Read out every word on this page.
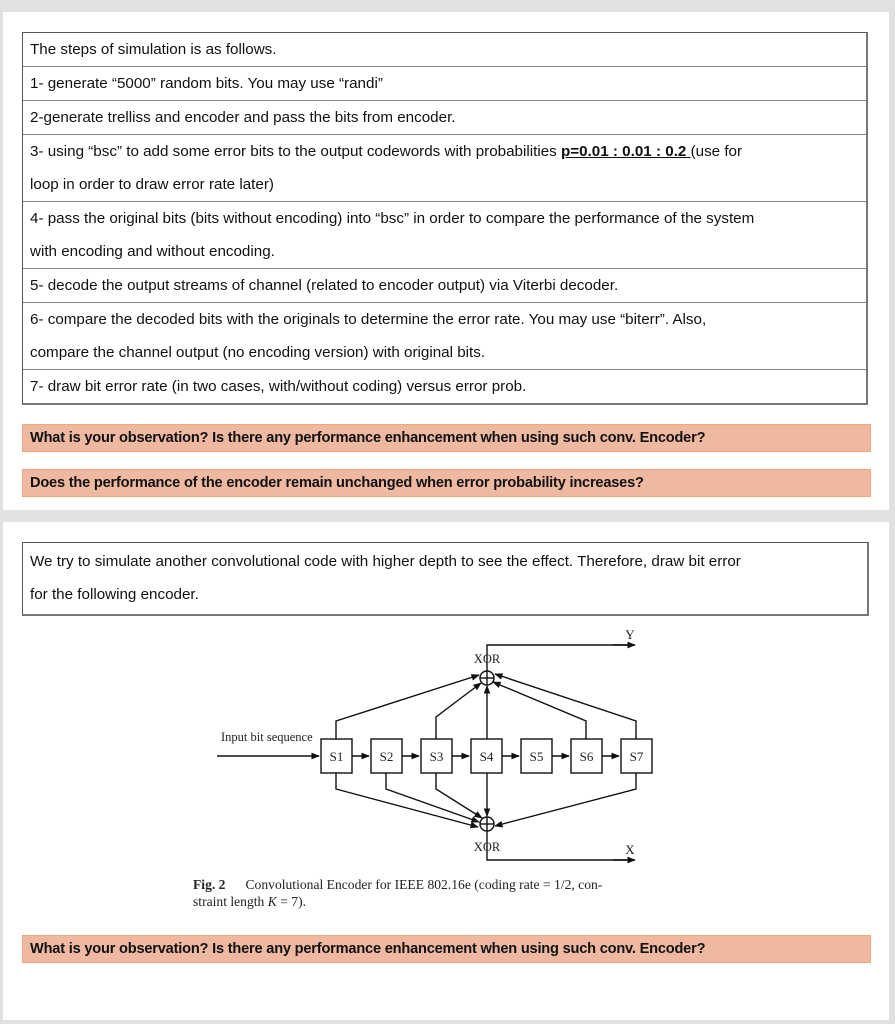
The steps of simulation is as follows.
1- generate “5000” random bits. You may use “randi”
2-generate trelliss and encoder and pass the bits from encoder.
3- using “bsc” to add some error bits to the output codewords with probabilities p=0.01 : 0.01 : 0.2 (use for
loop in order to draw error rate later)
4- pass the original bits (bits without encoding) into “bsc” in order to compare the performance of the system
with encoding and without encoding.
5- decode the output streams of channel (related to encoder output) via Viterbi decoder.
6- compare the decoded bits with the originals to determine the error rate. You may use “biterr”. Also,
compare the channel output (no encoding version) with original bits.
7- draw bit error rate (in two cases, with/without coding) versus error prob.
What is your observation? Is there any performance enhancement when using such conv. Encoder?
Does the performance of the encoder remain unchanged when error probability increases?
We try to simulate another convolutional code with higher depth to see the effect. Therefore, draw bit error
for the following encoder.
Input bit sequence
S1	S2	S3	S4	S5	S6	S7
XOR
XOR
Y
X
Fig. 2 Convolutional Encoder for IEEE 802.16e (coding rate = 1/2, con-
straint length K = 7).
What is your observation? Is there any performance enhancement when using such conv. Encoder?
